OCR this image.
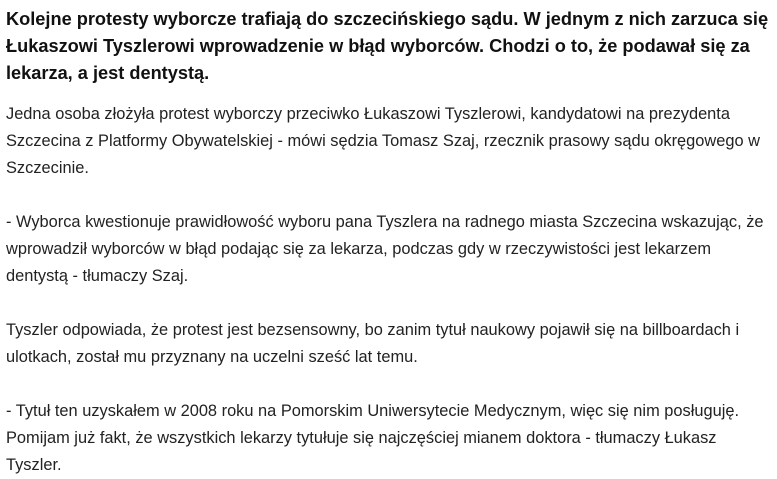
Kolejne protesty wyborcze trafiają do szczecińskiego sądu. W jednym z nich zarzuca się Łukaszowi Tyszlerowi wprowadzenie w błąd wyborców. Chodzi o to, że podawał się za lekarza, a jest dentystą.

Jedna osoba złożyła protest wyborczy przeciwko Łukaszowi Tyszlerowi, kandydatowi na prezydenta Szczecina z Platformy Obywatelskiej - mówi sędzia Tomasz Szaj, rzecznik prasowy sądu okręgowego w Szczecinie.

- Wyborca kwestionuje prawidłowość wyboru pana Tyszlera na radnego miasta Szczecina wskazując, że wprowadził wyborców w błąd podając się za lekarza, podczas gdy w rzeczywistości jest lekarzem dentystą - tłumaczy Szaj.

Tyszler odpowiada, że protest jest bezsensowny, bo zanim tytuł naukowy pojawił się na billboardach i ulotkach, został mu przyznany na uczelni sześć lat temu.

- Tytuł ten uzyskałem w 2008 roku na Pomorskim Uniwersytecie Medycznym, więc się nim posługuję. Pomijam już fakt, że wszystkich lekarzy tytułuje się najczęściej mianem doktora - tłumaczy Łukasz Tyszler.
